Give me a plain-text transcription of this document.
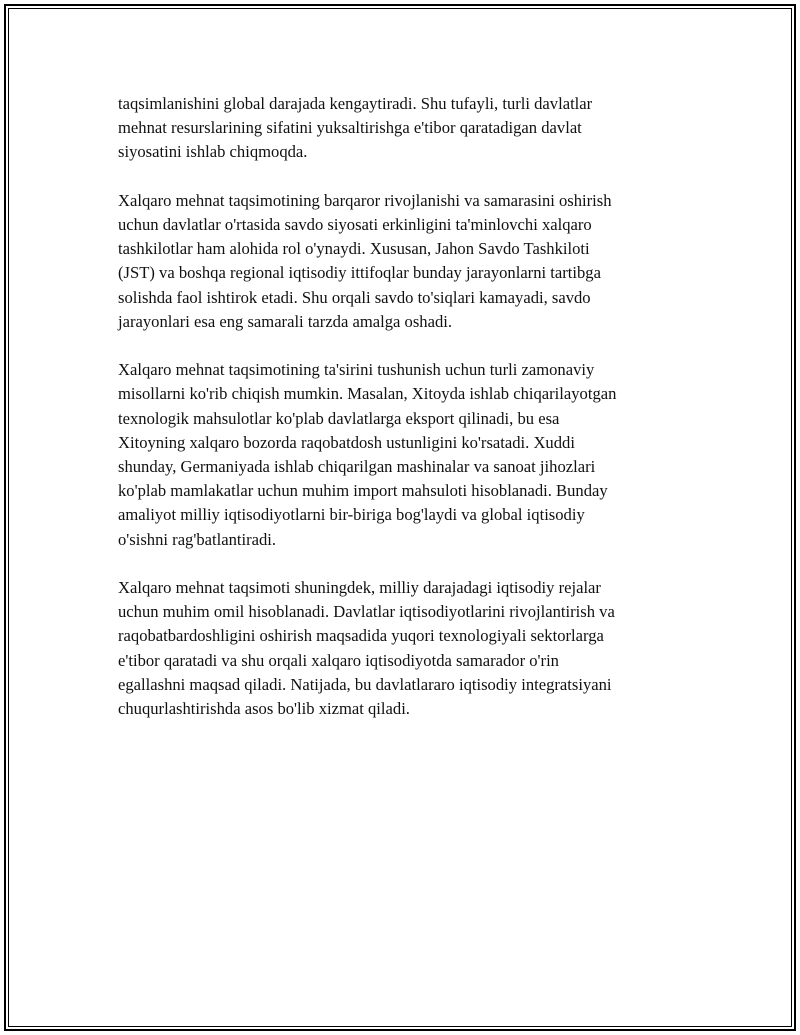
taqsimlanishini global darajada kengaytiradi. Shu tufayli, turli davlatlar
mehnat resurslarining sifatini yuksaltirishga e'tibor qaratadigan davlat
siyosatini ishlab chiqmoqda.

Xalqaro mehnat taqsimotining barqaror rivojlanishi va samarasini oshirish
uchun davlatlar o'rtasida savdo siyosati erkinligini ta'minlovchi xalqaro
tashkilotlar ham alohida rol o'ynaydi. Xususan, Jahon Savdo Tashkiloti
(JST) va boshqa regional iqtisodiy ittifoqlar bunday jarayonlarni tartibga
solishda faol ishtirok etadi. Shu orqali savdo to'siqlari kamayadi, savdo
jarayonlari esa eng samarali tarzda amalga oshadi.

Xalqaro mehnat taqsimotining ta'sirini tushunish uchun turli zamonaviy
misollarni ko'rib chiqish mumkin. Masalan, Xitoyda ishlab chiqarilayotgan
texnologik mahsulotlar ko'plab davlatlarga eksport qilinadi, bu esa
Xitoyning xalqaro bozorda raqobatdosh ustunligini ko'rsatadi. Xuddi
shunday, Germaniyada ishlab chiqarilgan mashinalar va sanoat jihozlari
ko'plab mamlakatlar uchun muhim import mahsuloti hisoblanadi. Bunday
amaliyot milliy iqtisodiyotlarni bir-biriga bog'laydi va global iqtisodiy
o'sishni rag'batlantiradi.

Xalqaro mehnat taqsimoti shuningdek, milliy darajadagi iqtisodiy rejalar
uchun muhim omil hisoblanadi. Davlatlar iqtisodiyotlarini rivojlantirish va
raqobatbardoshligini oshirish maqsadida yuqori texnologiyali sektorlarga
e'tibor qaratadi va shu orqali xalqaro iqtisodiyotda samarador o'rin
egallashni maqsad qiladi. Natijada, bu davlatlararo iqtisodiy integratsiyani
chuqurlashtirishda asos bo'lib xizmat qiladi.
